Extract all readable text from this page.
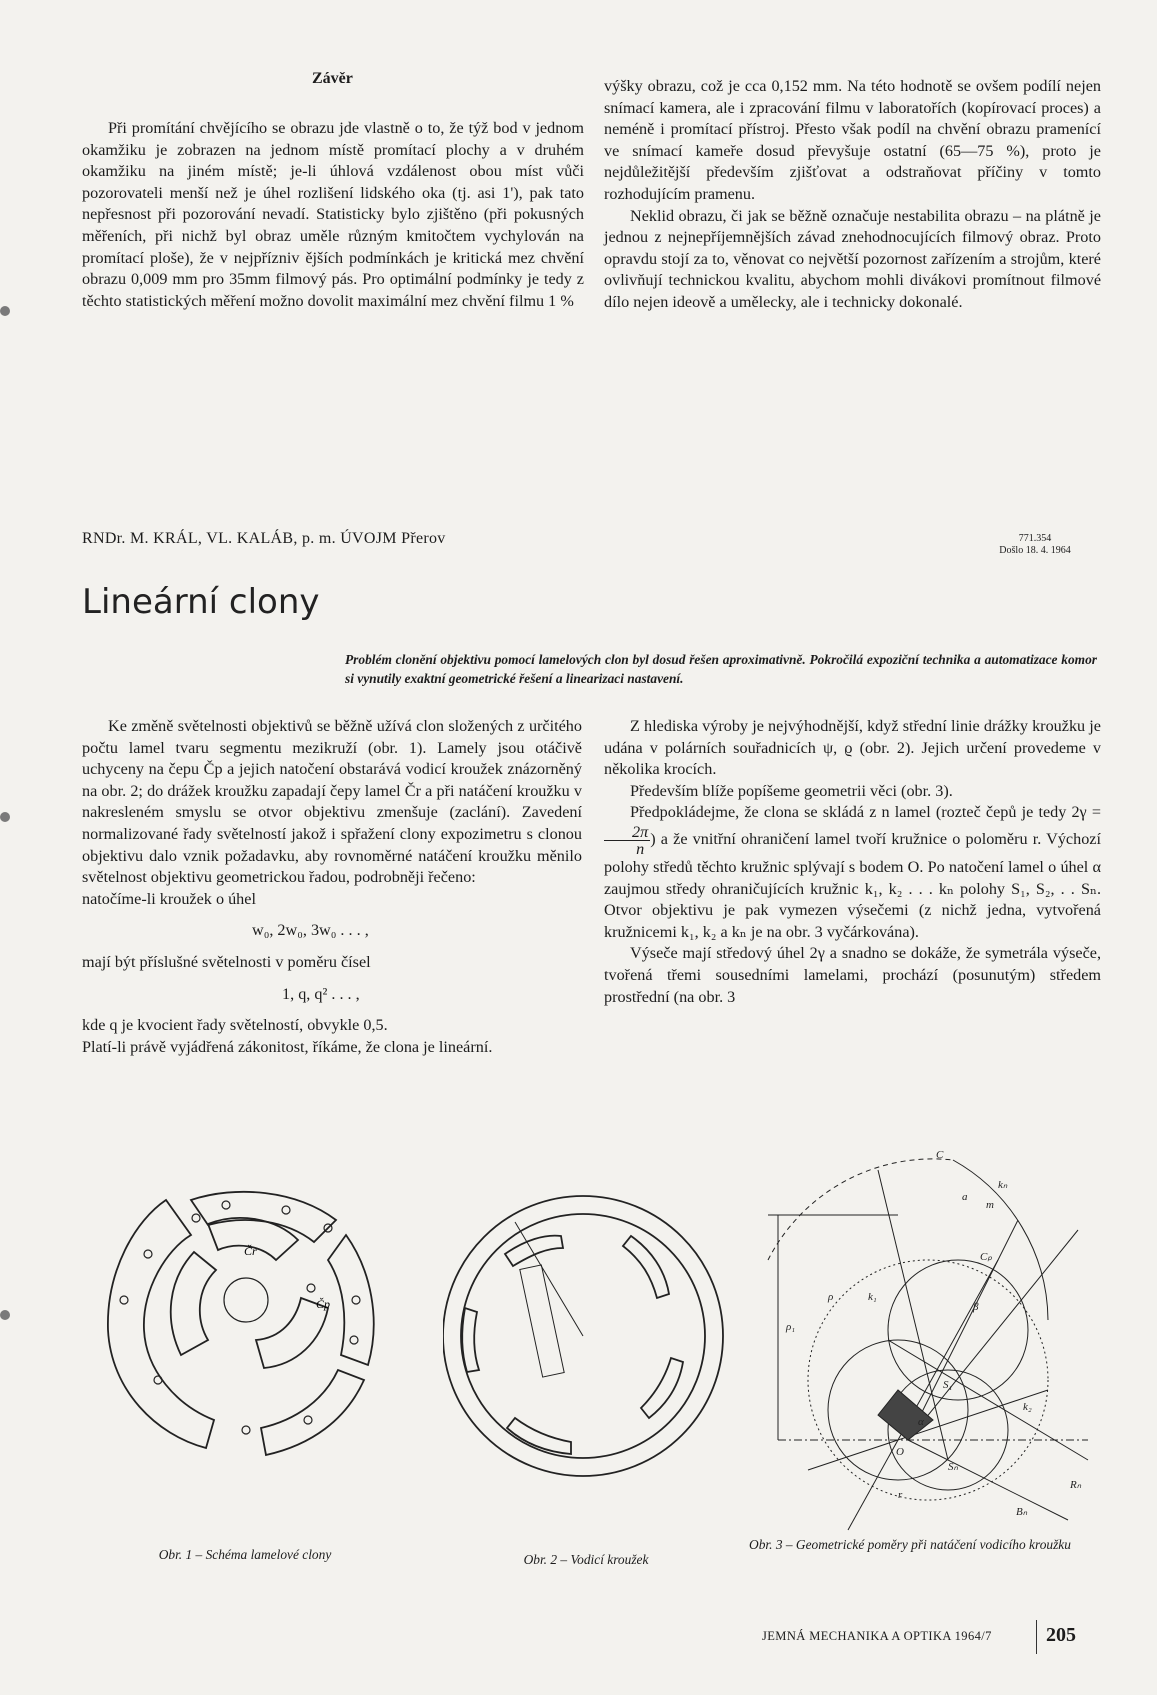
Závěr

Při promítání chvějícího se obrazu jde vlastně o to, že týž bod v jednom okamžiku je zobrazen na jednom místě promítací plochy a v druhém okamžiku na jiném místě; je-li úhlová vzdálenost obou míst vůči pozorovateli menší než je úhel rozlišení lidského oka (tj. asi 1'), pak tato nepřesnost při pozorování nevadí. Statisticky bylo zjištěno (při pokusných měřeních, při nichž byl obraz uměle různým kmitočtem vychylován na promítací ploše), že v nejpřízniv ějších podmínkách je kritická mez chvění obrazu 0,009 mm pro 35mm filmový pás. Pro optimální podmínky je tedy z těchto statistických měření možno dovolit maximální mez chvění filmu 1 %

výšky obrazu, což je cca 0,152 mm. Na této hodnotě se ovšem podílí nejen snímací kamera, ale i zpracování filmu v laboratořích (kopírovací proces) a neméně i promítací přístroj. Přesto však podíl na chvění obrazu pramenící ve snímací kameře dosud převyšuje ostatní (65—75 %), proto je nejdůležitější především zjišťovat a odstraňovat příčiny v tomto rozhodujícím pramenu.

Neklid obrazu, či jak se běžně označuje nestabilita obrazu – na plátně je jednou z nejnepříjemnějších závad znehodnocujících filmový obraz. Proto opravdu stojí za to, věnovat co největší pozornost zařízením a strojům, které ovlivňují technickou kvalitu, abychom mohli divákovi promítnout filmové dílo nejen ideově a umělecky, ale i technicky dokonalé.

RNDr. M. KRÁL, VL. KALÁB, p. m. ÚVOJM Přerov	771.354
Došlo 18. 4. 1964
Lineární clony
Problém clonění objektivu pomocí lamelových clon byl dosud řešen aproximativně. Pokročilá expoziční technika a automatizace komor si vynutily exaktní geometrické řešení a linearizaci nastavení.

Ke změně světelnosti objektivů se běžně užívá clon složených z určitého počtu lamel tvaru segmentu mezikruží (obr. 1). Lamely jsou otáčivě uchyceny na čepu Čp a jejich natočení obstarává vodicí kroužek znázorněný na obr. 2; do drážek kroužku zapadají čepy lamel Čr a při natáčení kroužku v nakresleném smyslu se otvor objektivu zmenšuje (zaclání). Zavedení normalizované řady světelností jakož i spřažení clony expozimetru s clonou objektivu dalo vznik požadavku, aby rovnoměrné natáčení kroužku měnilo světelnost objektivu geometrickou řadou, podrobněji řečeno:

natočíme-li kroužek o úhel

w₀, 2w₀, 3w₀ . . . ,

mají být příslušné světelnosti v poměru čísel

1, q, q² . . . ,

kde q je kvocient řady světelností, obvykle 0,5.

Platí-li právě vyjádřená zákonitost, říkáme, že clona je lineární.

Z hlediska výroby je nejvýhodnější, když střední linie drážky kroužku je udána v polárních souřadnicích ψ, ϱ (obr. 2). Jejich určení provedeme v několika krocích.

Především blíže popíšeme geometrii věci (obr. 3).

Předpokládejme, že clona se skládá z n lamel (rozteč čepů je tedy 2γ =
$\frac{2\pi}{n}$ ) a že vnitřní ohraničení lamel tvoří kružnice o poloměru r. Výchozí polohy středů těchto kružnic splývají s bodem O. Po natočení lamel o úhel α zaujmou středy ohraničujících kružnic k₁, k₂ . . . kₙ polohy S₁, S₂, . . Sₙ. Otvor objektivu je pak vymezen výsečemi (z nichž jedna, vytvořená kružnicemi k₁, k₂ a kₙ je na obr. 3 vyčárkována).

Výseče mají středový úhel 2γ a snadno se dokáže, že symetrála výseče, tvořená třemi sousedními lamelami, prochází (posunutým) středem prostřední (na obr. 3

Čr
Čp
C
Cₚ
kₙ
k₁
k₂
ρ₁
ρ
r
Sₙ
S₁
Bₙ
Rₙ
m
a
β
α
O
Obr. 1 – Schéma lamelové clony	Obr. 2 – Vodicí kroužek
Obr. 3 – Geometrické poměry při natáčení vodicího kroužku
JEMNÁ MECHANIKA A OPTIKA 1964/7	205
